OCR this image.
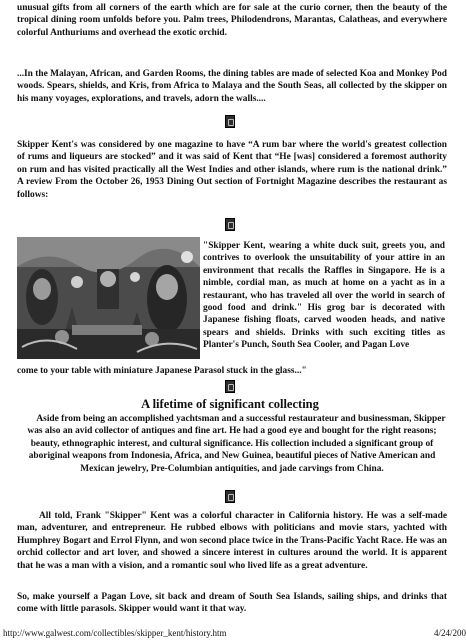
unusual gifts from all corners of the earth which are for sale at the curio corner, then the beauty of the tropical dining room unfolds before you. Palm trees, Philodendrons, Marantas, Calatheas, and everywhere colorful Anthuriums and overhead the exotic orchid.

...In the Malayan, African, and Garden Rooms, the dining tables are made of selected Koa and Monkey Pod woods. Spears, shields, and Kris, from Africa to Malaya and the South Seas, all collected by the skipper on his many voyages, explorations, and travels, adorn the walls....

Skipper Kent's was considered by one magazine to have “A rum bar where the world's greatest collection of rums and liqueurs are stocked” and it was said of Kent that “He [was] considered a foremost authority on rum and has visited practically all the West Indies and other islands, where rum is the national drink.” A review From the October 26, 1953 Dining Out section of Fortnight Magazine describes the restaurant as follows:

"Skipper Kent, wearing a white duck suit, greets you, and contrives to overlook the unsuitability of your attire in an environment that recalls the Raffles in Singapore. He is a nimble, cordial man, as much at home on a yacht as in a restaurant, who has traveled all over the world in search of good food and drink." His grog bar is decorated with Japanese fishing floats, carved wooden heads, and native spears and shields. Drinks with such exciting titles as Planter's Punch, South Sea Cooler, and Pagan Love

come to your table with miniature Japanese Parasol stuck in the glass..."

A lifetime of significant collecting

Aside from being an accomplished yachtsman and a successful restaurateur and businessman, Skipper was also an avid collector of antiques and fine art. He had a good eye and bought for the right reasons; beauty, ethnographic interest, and cultural significance. His collection included a significant group of aboriginal weapons from Indonesia, Africa, and New Guinea, beautiful pieces of Native American and Mexican jewelry, Pre-Columbian antiquities, and jade carvings from China.

All told, Frank "Skipper" Kent was a colorful character in California history. He was a self-made man, adventurer, and entrepreneur. He rubbed elbows with politicians and movie stars, yachted with Humphrey Bogart and Errol Flynn, and won second place twice in the Trans-Pacific Yacht Race. He was an orchid collector and art lover, and showed a sincere interest in cultures around the world. It is apparent that he was a man with a vision, and a romantic soul who lived life as a great adventure.

So, make yourself a Pagan Love, sit back and dream of South Sea Islands, sailing ships, and drinks that come with little parasols. Skipper would want it that way.

http://www.galwest.com/collectibles/skipper_kent/history.htm	4/24/200
